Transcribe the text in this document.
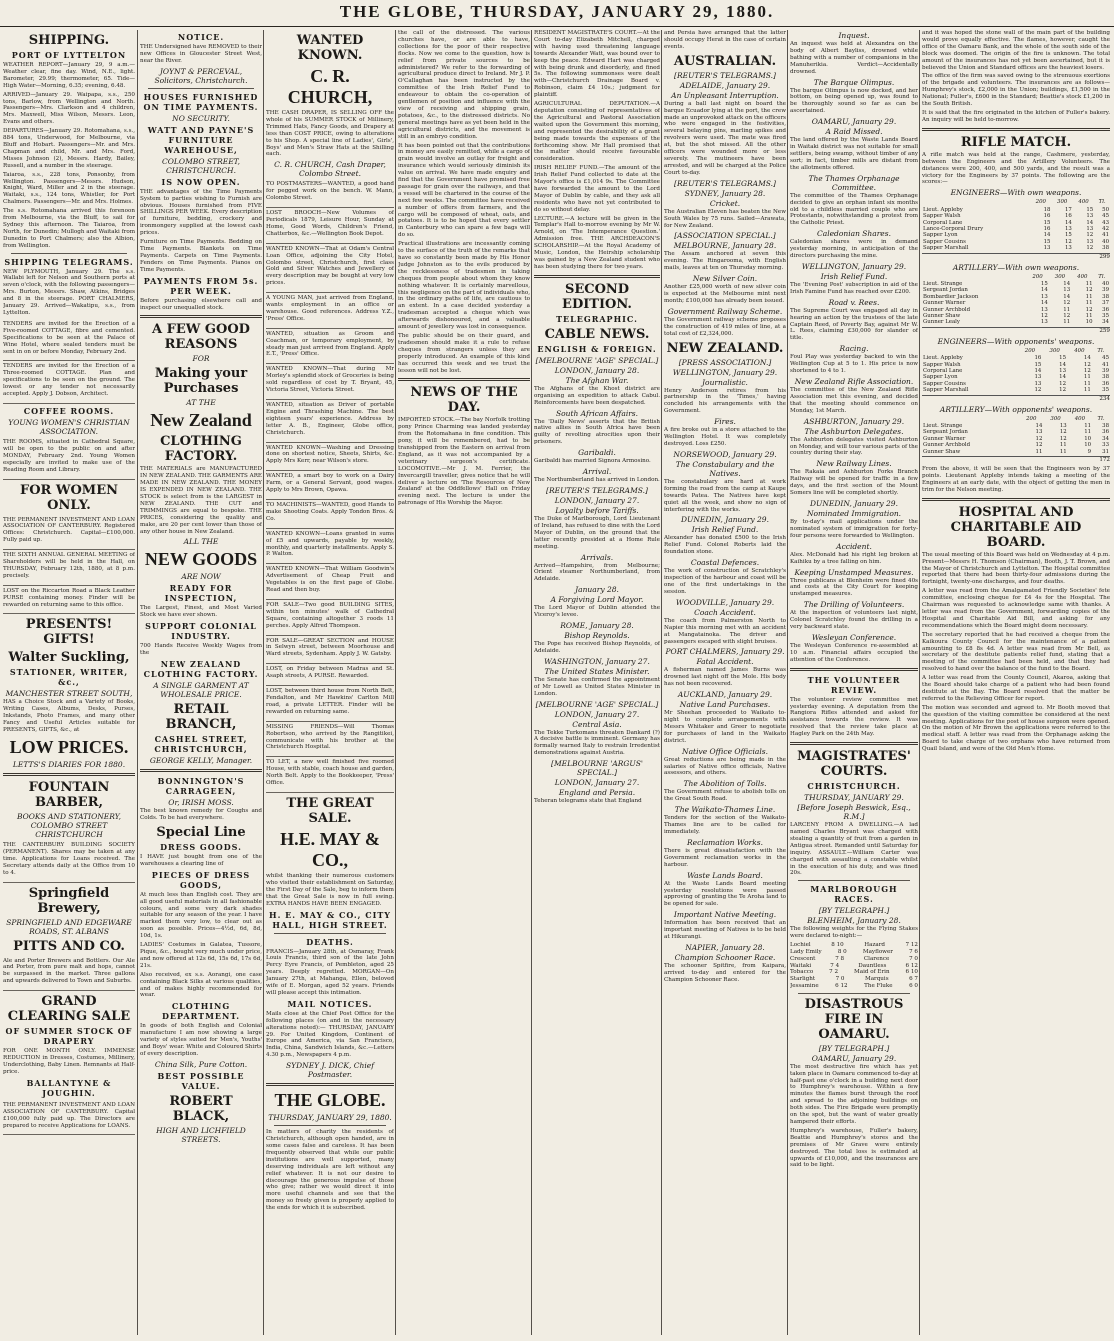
THE GLOBE, THURSDAY, JANUARY 29, 1880.
SHIPPING.
PORT OF LYTTELTON

WEATHER REPORT—January 29, 9 a.m.—Weather clear, fine day. Wind, N.E., light. Barometer, 29.99; thermometer, 65. Tide—High Water—Morning, 6.35; evening, 6.48.

ARRIVED—January 29. Waipapa, s.s., 250 tons, Barlow, from Wellington and North. Passengers—Mrs. Clarkson and 4 children, Mrs. Maxwell, Miss Wilson, Messrs. Leon, Evans and others.

DEPARTURES—January 29. Rotomahana, s.s., 884 tons, Underwood, for Melbourne, via Bluff and Hobart. Passengers—Mr. and Mrs. Chapman and child, Mr. and Mrs. Ford, Misses Johnson (2), Messrs. Hardy, Bailey, Russell, and a number in the steerage.

Taiaroa, s.s., 228 tons, Ponsonby, from Wellington. Passengers—Messrs. Hudson, Knight, Ward, Miller and 2 in the steerage. Waitaki, s.s., 124 tons, Whistler, for Port Chalmers. Passengers—Mr. and Mrs. Holmes.

The s.s. Rotomahana arrived this forenoon from Melbourne, via the Bluff, to sail for Sydney this afternoon. The Taiaroa, from North, for Dunedin; Mullogh and Waitaki from Dunedin to Port Chalmers; also the Albion, from Wellington.

SHIPPING TELEGRAMS.

NEW PLYMOUTH, January 29. The s.s. Wallabi left for Nelson and Southern ports at seven o'clock, with the following passengers—Mrs. Burton, Messrs. Shaw, Atkins, Bridges and 8 in the steerage. PORT CHALMERS, January 29. Arrived—Wakatipu, s.s., from Lyttelton.

TENDERS are invited for the Erection of a Five-roomed COTTAGE, fibre and cemented. Specifications to be seen at the Palace of Wine Hotel, where sealed tenders must be sent in on or before Monday, February 2nd.

TENDERS are invited for the Erection of a Three-roomed COTTAGE. Plan and specifications to be seen on the ground. The lowest or any tender not necessarily accepted. Apply J. Dobson, Architect.

COFFEE ROOMS.
YOUNG WOMEN'S CHRISTIAN ASSOCIATION.

THE ROOMS, situated in Cathedral Square, will be open to the public on and after MONDAY, February 2nd. Young Women especially are invited to make use of the Reading Room and Library.

FOR WOMEN ONLY.

THE PERMANENT INVESTMENT AND LOAN ASSOCIATION OF CANTERBURY. Registered Offices: Christchurch. Capital—£100,000. Fully paid up.

THE SIXTH ANNUAL GENERAL MEETING of Shareholders will be held in the Hall, on THURSDAY, February 12th, 1880, at 8 p.m. precisely.

LOST on the Riccarton Road a Black Leather PURSE containing money. Finder will be rewarded on returning same to this office.

PRESENTS! GIFTS!
Walter Suckling,
STATIONER, WRITER, &c.,
MANCHESTER STREET SOUTH,

HAS a Choice Stock and a Variety of Books, Writing Cases, Albums, Desks, Purses, Inkstands, Photo Frames, and many other Fancy and Useful Articles suitable for PRESENTS, GIFTS, &c., at

LOW PRICES.
LETTS'S DIARIES FOR 1880.
FOUNTAIN BARBER,
BOOKS AND STATIONERY, COLOMBO STREET CHRISTCHURCH

THE CANTERBURY BUILDING SOCIETY (PERMANENT). Shares may be taken at any time. Applications for Loans received. The Secretary attends daily at the Office from 10 to 4.

Springfield Brewery,
SPRINGFIELD AND EDGEWARE ROADS, ST. ALBANS
PITTS AND CO.

Ale and Porter Brewers and Bottlers. Our Ale and Porter, from pure malt and hops, cannot be surpassed in the market. Three gallons and upwards delivered to Town and Suburbs.

GRAND CLEARING SALE
OF SUMMER STOCK OF DRAPERY

FOR ONE MONTH ONLY. IMMENSE REDUCTION in Dresses, Costumes, Millinery, Underclothing, Baby Linen. Remnants at Half-price.

BALLANTYNE & JOUGHIN.

THE PERMANENT INVESTMENT AND LOAN ASSOCIATION OF CANTERBURY. Capital £100,000 fully paid up. The Directors are prepared to receive Applications for LOANS.

NOTICE.

THE Undersigned have REMOVED to their new Offices in Gloucester Street West, near the River.

JOYNT & PERCEVAL, Solicitors, Christchurch.
HOUSES FURNISHED ON TIME PAYMENTS.
NO SECURITY.
WATT AND PAYNE'S FURNITURE WAREHOUSE,
COLOMBO STREET, CHRISTCHURCH.
IS NOW OPEN.

THE advantages of the Time Payments System to parties wishing to Furnish are obvious. Houses furnished from FIVE SHILLINGS PER WEEK. Every description of furniture, bedding, crockery and ironmongery supplied at the lowest cash prices.

Furniture on Time Payments. Bedding on Time Payments. Blankets on Time Payments. Carpets on Time Payments. Fenders on Time Payments. Pianos on Time Payments.

PAYMENTS FROM 5s. PER WEEK.

Before purchasing elsewhere call and inspect our unequalled stock.

A FEW GOOD REASONS
FOR
Making your Purchases
AT THE
New Zealand
CLOTHING FACTORY.

THE MATERIALS are MANUFACTURED IN NEW ZEALAND. THE GARMENTS ARE MADE IN NEW ZEALAND. THE MONEY IS EXPENDED IN NEW ZEALAND. THE STOCK is select from is the LARGEST in NEW ZEALAND. THE CUT and TRIMMINGS are equal to bespoke. THE PRICES, considering the quality and make, are 20 per cent lower than those of any other house in New Zealand.

ALL THE
NEW GOODS
ARE NOW
READY FOR INSPECTION,

The Largest, Finest, and Most Varied Stock we have ever shown.

SUPPORT COLONIAL INDUSTRY.

700 Hands Receive Weekly Wages from the

NEW ZEALAND CLOTHING FACTORY.
A SINGLE GARMENT AT WHOLESALE PRICE.
RETAIL BRANCH,
CASHEL STREET, CHRISTCHURCH,
GEORGE KELLY, Manager.
BONNINGTON'S CARRAGEEN,
Or, IRISH MOSS.

The best known remedy for Coughs and Colds. To be had everywhere.

Special Line
DRESS GOODS.

I HAVE just bought from one of the warehouses a clearing line of

PIECES OF DRESS GOODS,

At much less than English cost. They are all good useful materials in all fashionable colours, and some very dark shades suitable for any season of the year. I have marked them very low, to clear out as soon as possible. Prices—4½d, 6d, 8d, 10d, 1s.

LADIES' Costumes in Galatea, Tussore, Pique, &c., bought very much under price, and now offered at 12s 6d, 15s 6d, 17s 6d, 21s.

Also received, ex s.s. Aorangi, one case containing Black Silks at various qualities, and of makes highly recommended for wear.

CLOTHING DEPARTMENT.

In goods of both English and Colonial manufacture I am now showing a large variety of styles suited for Men's, Youths' and Boys' wear. White and Coloured Shirts of every description.

China Silk, Pure Cotton.
BEST POSSIBLE VALUE.
ROBERT BLACK,
HIGH AND LICHFIELD STREETS.
WANTED KNOWN.
C. R. CHURCH,

THE CASH DRAPER, IS SELLING OFF the whole of his SUMMER STOCK of Millinery, Trimmed Hats, Fancy Goods, and Drapery at less than COST PRICE, owing to alterations to his Shop. A special line of Ladies', Girls', Boys' and Men's Straw Hats at the Shilling each.

C. R. CHURCH, Cash Draper, Colombo Street.

TO POSTMASTERS—WANTED, a good hand for pegged work on the bench. W. Mann, Colombo Street.

LOST BROOCH—New Volumes of Periodicals 1879, Leisure Hour, Sunday at Home, Good Words, Children's Friend, Chatterbox, &c.—Wellington Book Depot.

WANTED KNOWN—That at Odam's Central Loan Office, adjoining the City Hotel, Colombo street, Christchurch, first class Gold and Silver Watches and Jewellery of every description may be bought at very low prices.

A YOUNG MAN, just arrived from England, wants employment in an office or warehouse. Good references. Address Y.Z., 'Press' Office.

WANTED, situation as Groom and Coachman, or temporary employment, by steady man just arrived from England. Apply E.T., 'Press' Office.

WANTED KNOWN—That during Mr Morley's splendid stock of Groceries is being sold regardless of cost by T. Bryant, 45, Victoria Street, Victoria Street.

WANTED, situation as Driver of portable Engine and Thrashing Machine. The best eighteen years' experience. Address by letter A. B., Engineer, Globe office, Christchurch.

WANTED KNOWN—Washing and Dressing done on shortest notice, Sheets, Shirts, &c. Apply Mrs Kerr, near Wilson's store.

WANTED, a smart boy to work on a Dairy Farm, or a General Servant, good wages. Apply to Mrs Brown, Opawa.

TO MACHINISTS—WANTED, good Hands to make Shooting Coats. Apply Tondon Bros. & Co.

WANTED KNOWN—Loans granted in sums of £5 and upwards, payable by weekly, monthly, and quarterly installments. Apply S. P. Walton.

WANTED KNOWN—That William Goodwin's Advertisement of Cheap Fruit and Vegetables is on the first page of Globe. Read and then buy.

FOR SALE—Two good BUILDING SITES, within ten minutes' walk of Cathedral Square, containing altogether 3 roods 11 perches. Apply Alfred Thompson.

FOR SALE—GREAT SECTION and HOUSE in Selwyn street, between Moorhouse and Ward streets, Sydenham. Apply J. W. Gatsby.

LOST, on Friday between Madras and St. Asaph streets, A PURSE. Rewarded.

LOST, between third house from North Belt, Fendalton, and Mr Hawkins' Carlton Mill road, a private LETTER. Finder will be rewarded on returning same.

MISSING FRIENDS—Will Thomas Robertson, who arrived by the Rangitikei, communicate with his brother at the Christchurch Hospital.

TO LET, a new well finished five roomed House, with stable, coach house and garden, North Belt. Apply to the Bookkeeper, 'Press' Office.

THE GREAT SALE.
H.E. MAY & CO.,

whilst thanking their numerous customers who visited their establishment on Saturday, the First Day of the Sale, beg to inform them that the Great Sale is now in full swing. EXTRA HANDS HAVE BEEN ENGAGED.

H. E. MAY & CO., CITY HALL, HIGH STREET.
DEATHS.

FRANCIS—January 28th, at Osmaray, Frank Louis Francis, third son of the late John Percy Eyre Francis, of Pembleton, aged 25 years. Deeply regretted. MORGAN—On January 27th, at Mahanga, Ellen, beloved wife of E. Morgan, aged 52 years. Friends will please accept this intimation.

MAIL NOTICES.

Mails close at the Chief Post Office for the following places (on and in the necessary alterations noted):— THURSDAY, JANUARY 29. For United Kingdom, Continent of Europe and America, via San Francisco, India, China, Sandwich Islands, &c.—Letters 4.30 p.m., Newspapers 4 p.m.

SYDNEY J. DICK, Chief Postmaster.
THE GLOBE.
THURSDAY, JANUARY 29, 1880.

In matters of charity the residents of Christchurch, although open handed, are in some cases false and careless. It has been frequently observed that while our public institutions are well supported, many deserving individuals are left without any relief whatever. It is not our desire to discourage the generous impulse of those who give; rather we would direct it into more useful channels and see that the money so freely given is properly applied to the ends for which it is subscribed.

the call of the distressed. The various churches have, or are able to have, collections for the poor of their respective flocks. Now we come to the question, how is relief from private sources to be administered? We refer to the forwarding of agricultural produce direct to Ireland. Mr J. P. O'Callaghan has been instructed by the committee of the Irish Relief Fund to endeavour to obtain the co-operation of gentlemen of position and influence with the view of receiving and shipping grain, potatoes, &c., to the distressed districts. No general meetings have as yet been held in the agricultural districts, and the movement is still in an embryo condition.

It has been pointed out that the contributions in money are easily remitted, while a cargo of grain would involve an outlay for freight and insurance which would seriously diminish its value on arrival. We have made enquiry and find that the Government have promised free passage for grain over the railways, and that a vessel will be chartered in the course of the next few weeks. The committee have received a number of offers from farmers, and the cargo will be composed of wheat, oats, and potatoes. It is to be hoped that every settler in Canterbury who can spare a few bags will do so.

Practical illustrations are incessantly coming to the surface of the truth of the remarks that have so constantly been made by His Honor Judge Johnston as to the evils produced by the recklessness of tradesmen in taking cheques from people about whom they know nothing whatever. It is certainly marvellous, this negligence on the part of individuals who, in the ordinary paths of life, are cautious to an extent. In a case decided yesterday a tradesman accepted a cheque which was afterwards dishonoured, and a valuable amount of jewellery was lost in consequence.

The public should be on their guard, and tradesmen should make it a rule to refuse cheques from strangers unless they are properly introduced. An example of this kind has occurred this week and we trust the lesson will not be lost.

NEWS OF THE DAY.

IMPORTED STOCK.—The bay Norfolk trotting pony Prince Charming was landed yesterday from the Rotomahana in fine condition. This pony, it will be remembered, had to be transhipped from the Eastern on arrival from England, as it was not accompanied by a veterinary surgeon's certificate. LOCOMOTIVE.—Mr J. M. Ferrier, the Invercargill traveller, gives notice that he will deliver a lecture on 'The Resources of New Zealand' at the Oddfellows' Hall on Friday evening next. The lecture is under the patronage of His Worship the Mayor.

RESIDENT MAGISTRATE'S COURT.—At the Court to-day Elizabeth Mitchell, charged with having used threatening language towards Alexander Watt, was bound over to keep the peace. Edward Hart was charged with being drunk and disorderly, and fined 5s. The following summonses were dealt with—Christchurch Drainage Board v. Robinson, claim £4 10s.; judgment for plaintiff.

AGRICULTURAL DEPUTATION.—A deputation consisting of representatives of the Agricultural and Pastoral Association waited upon the Government this morning, and represented the desirability of a grant being made towards the expenses of the forthcoming show. Mr Hall promised that the matter should receive favourable consideration.

IRISH RELIEF FUND.—The amount of the Irish Relief Fund collected to date at the Mayor's office is £1,014 9s. The Committee have forwarded the amount to the Lord Mayor of Dublin by cable, and they ask all residents who have not yet contributed to do so without delay.

LECTURE.—A lecture will be given in the Templar's Hall to-morrow evening by Mr W. Arnold, on 'The Intemperance Question.' Admission free. THE ARCHDEACON'S SCHOLARSHIP.—At the Royal Academy of Music, London, the Heirship scholarship was gained by a New Zealand student who has been studying there for two years.

SECOND EDITION.
TELEGRAPHIC.
CABLE NEWS.
ENGLISH & FOREIGN.
[MELBOURNE 'AGE' SPECIAL.]
LONDON, January 28.
The Afghan War.

The Afghans of the Khost district are organising an expedition to attack Cabul. Reinforcements have been despatched.

South African Affairs.

The 'Daily News' asserts that the British native allies in South Africa have been guilty of revolting atrocities upon their prisoners.

Garibaldi.

Garibaldi has married Signora Armosino.

Arrival.

The Northumberland has arrived in London.

[REUTER'S TELEGRAMS.]
LONDON, January 27.
Loyalty before Tariffs.

The Duke of Marlborough, Lord Lieutenant of Ireland, has refused to dine with the Lord Mayor of Dublin, on the ground that the latter recently presided at a Home Rule meeting.

Arrivals.

Arrived—Hampshire, from Melbourne; Orient steamer Northumberland, from Adelaide.

January 28.
A Forgiving Lord Mayor.

The Lord Mayor of Dublin attended the Viceroy's levee.

ROME, January 28.
Bishop Reynolds.

The Pope has received Bishop Reynolds, of Adelaide.

WASHINGTON, January 27.
The United States Minister.

The Senate has confirmed the appointment of Mr Lowell as United States Minister in London.

[MELBOURNE 'AGE' SPECIAL.]
LONDON, January 27.
Central Asia.

The Tekke Turkomans threaten Dankard (?) A decisive battle is imminent. Germany has formally warned Italy to restrain Irredentist demonstrations against Austria.

[MELBOURNE 'ARGUS' SPECIAL.]
LONDON, January 27.
England and Persia.

Teheran telegrams state that England

and Persia have arranged that the latter should occupy Herat in the case of certain events.

AUSTRALIAN.
[REUTER'S TELEGRAMS.]
ADELAIDE, January 29.
An Unpleasant Interruption.

During a ball last night on board the barque Ecuador lying at the port, the crew made an unprovoked attack on the officers who were engaged in the festivities, several belaying pins, marling spikes and revolvers were used. The mate was fired at, but the shot missed. All the other officers were wounded more or less severely. The mutineers have been arrested, and will be charged at the Police Court to-day.

[REUTER'S TELEGRAMS.]
SYDNEY, January 28.
Cricket.

The Australian Eleven has beaten the New South Wales by 75 runs. Sailed—Arawata, for New Zealand.

[ASSOCIATION SPECIAL.]
MELBOURNE, January 28.

The Assam anchored at seven this evening. The Ringarooma, with English mails, leaves at ten on Thursday morning.

New Silver Coin.

Another £25,000 worth of new silver coin is expected at the Melbourne mint next month; £100,000 has already been issued.

Government Railway Scheme.

The Government railway scheme proposes the construction of 419 miles of line, at a total cost of £2,324,000.

NEW ZEALAND.
[PRESS ASSOCIATION.]
WELLINGTON, January 29.
Journalistic.

Henry Anderson retires from his partnership in the 'Times,' having concluded his arrangements with the Government.

Fires.

A fire broke out in a store attached to the Wellington Hotel. It was completely destroyed. Loss £250.

NORSEWOOD, January 29.
The Constabulary and the Natives.

The constabulary are hard at work forming the road from the camp at Kaupe towards Patea. The Natives have kept quiet all the week, and show no sign of interfering with the works.

DUNEDIN, January 29.
Irish Relief Fund.

Alexander has donated £500 to the Irish Relief Fund. Colonel Roberts laid the foundation stone.

Coastal Defences.

The work of construction of Scratchley's inspection of the harbour and coast will be one of the first undertakings in the session.

WOODVILLE, January 29.
Coach Accident.

The coach from Palmerston North to Napier this morning met with an accident at Mangatainoka. The driver and passengers escaped with slight bruises.

PORT CHALMERS, January 29.
Fatal Accident.

A fisherman named James Burns was drowned last night off the Mole. His body has not been recovered.

AUCKLAND, January 29.
Native Land Purchases.

Mr Sheehan proceeded to Waikato to-night to complete arrangements with Messrs Whitaker and Greer to negotiate for purchases of land in the Waikato district.

Native Office Officials.

Great reductions are being made in the salaries of Native office officials, Native assessors, and others.

The Abolition of Tolls.

The Government refuse to abolish tolls on the Great South Road.

The Waikato-Thames Line.

Tenders for the section of the Waikato-Thames line are to be called for immediately.

Reclamation Works.

There is great dissatisfaction with the Government reclamation works in the harbour.

Waste Lands Board.

At the Waste Lands Board meeting yesterday resolutions were passed approving of granting the Te Aroha land to be opened for sale.

Important Native Meeting.

Information has been received that an important meeting of Natives is to be held at Hikurangi.

NAPIER, January 28.
Champion Schooner Race.

The schooner Spitfire, from Kaipara, arrived to-day and entered for the Champion Schooner Race.

Inquest.

An inquest was held at Alexandra on the body of Albert Bayliss, drowned while bathing with a number of companions in the Manuherikia. Verdict—Accidentally drowned.

The Barque Olimpus.

The barque Olimpus is now docked, and her bottom, on being opened up, was found to be thoroughly sound so far as can be ascertained.

OAMARU, January 29.
A Raid Missed.

The land offered by the Waste Lands Board in Waitaki district was not suitable for small settlers, being swamp, without timber of any sort; in fact, timber mills are distant from the allotments offered.

The Thames Orphanage Committee.

The committee of the Thames Orphanage decided to give an orphan infant six months old to a childless married couple who are Protestants, notwithstanding a protest from the Catholic Priest.

Caledonian Shares.

Caledonian shares were in demand yesterday morning, in anticipation of the directors purchasing the mine.

WELLINGTON, January 29.
Irish Relief Fund.

The 'Evening Post' subscription in aid of the Irish Famine Fund has reached over £200.

Road v. Rees.

The Supreme Court was engaged all day in hearing an action by the trustees of the late Captain Reed, of Poverty Bay, against Mr W. L. Rees, claiming £30,000 for slander of title.

Racing.

Foul Play was yesterday backed to win the Wellington Cup at 5 to 1. His price is now shortened to 4 to 1.

New Zealand Rifle Association.

The committee of the New Zealand Rifle Association met this evening, and decided that the meeting should commence on Monday, 1st March.

ASHBURTON, January 29.
The Ashburton Delegates.

The Ashburton delegates visited Ashburton on Monday, and will tour various parts of the country during their stay.

New Railway Lines.

The Rakaia and Ashburton Forks Branch Railway will be opened for traffic in a few days, and the first section of the Mount Somers line will be completed shortly.

DUNEDIN, January 29.
Nominated Immigration.

By to-day's mail applications under the nominated system of immigration for forty-four persons were forwarded to Wellington.

Accident.

Alex. McDonald had his right leg broken at Kaihiku by a tree falling on him.

Keeping Unstamped Measures.

Three publicans at Blenheim were fined 40s and costs at the City Court for keeping unstamped measures.

The Drilling of Volunteers.

At the inspection of volunteers last night, Colonel Scratchley found the drilling in a very backward state.

Wesleyan Conference.

The Wesleyan Conference re-assembled at 10 a.m. Financial affairs occupied the attention of the Conference.

THE VOLUNTEER REVIEW.

The volunteer review committee met yesterday evening. A deputation from the Rangiora Rifles attended and asked for assistance towards the review. It was resolved that the review take place at Hagley Park on the 24th May.

MAGISTRATES' COURTS.
CHRISTCHURCH.
THURSDAY, JANUARY 29.
[Before Joseph Beswick, Esq., R.M.]

LARCENY FROM A DWELLING.—A lad named Charles Bryant was charged with stealing a quantity of fruit from a garden in Antigua street. Remanded until Saturday for inquiry. ASSAULT.—William Carter was charged with assaulting a constable whilst in the execution of his duty, and was fined 20s.

MARLBOROUGH RACES.
[BY TELEGRAPH.]
BLENHEIM, January 28.

The following weights for the Flying Stakes were declared to-night:—

Lochiel	8 10	Hazard	7 12
Lady Emily	8 0	Mayflower	7 6
Crescent	7 8	Clarence	7 0
Waitaki	7 4	Dauntless	6 12
Tobacco	7 2	Maid of Erin	6 10
Starlight	7 0	Marquis	6 7
Jessamine	6 12	The Fluke	6 0
DISASTROUS FIRE IN OAMARU.
[BY TELEGRAPH.]
OAMARU, January 29.

The most destructive fire which has yet taken place in Oamaru commenced to-day at half-past one o'clock in a building next door to Humphrey's warehouse. Within a few minutes the flames burst through the roof and spread to the adjoining buildings on both sides. The Fire Brigade were promptly on the spot, but the want of water greatly hampered their efforts.

Humphrey's warehouse, Fuller's bakery, Beattie and Humphrey's stores and the premises of Mr Grave were entirely destroyed. The total loss is estimated at upwards of £10,000, and the insurances are said to be light.

and it was hoped the stone wall of the main part of the building would prove equally effective. The flames, however, caught the office of the Oamaru Bank, and the whole of the south side of the block was doomed. The origin of the fire is unknown. The total amount of the insurances has not yet been ascertained, but it is believed the Union and Standard offices are the heaviest losers.

The office of the firm was saved owing to the strenuous exertions of the brigade and volunteers. The insurances are as follows—Humphrey's stock, £2,000 in the Union; buildings, £1,500 in the National; Fuller's, £600 in the Standard; Beattie's stock £1,200 in the South British.

It is said that the fire originated in the kitchen of Fuller's bakery. An inquiry will be held to-morrow.

RIFLE MATCH.

A rifle match was held at the range, Cashmere, yesterday, between the Engineers and the Artillery Volunteers. The distances were 200, 400, and 500 yards, and the result was a victory for the Engineers by 37 points. The following are the scores:—

ENGINEERS—With own weapons.
	200	300	400	Tl.
Lieut. Appleby	18	17	15	50
Sapper Walsh	16	16	13	45
Corporal Lane	15	14	14	43
Lance-Corporal Drury	16	13	13	42
Sapper Lyon	14	15	12	41
Sapper Cousins	15	12	13	40
Sapper Marshall	13	13	12	38
299
ARTILLERY—With own weapons.
	200	300	400	Tl.
Lieut. Strange	15	14	11	40
Sergeant Jordan	14	13	12	39
Bombardier Jackson	13	14	11	38
Gunner Warner	14	12	11	37
Gunner Archbold	13	11	12	36
Gunner Shaw	12	12	11	35
Gunner Lealy	13	11	10	34
259
ENGINEERS—With opponents' weapons.
	200	300	400	Tl.
Lieut. Appleby	16	15	14	45
Sapper Walsh	15	14	12	41
Corporal Lane	14	13	12	39
Sapper Lyon	13	14	11	38
Sapper Cousins	13	12	11	36
Sapper Marshall	12	12	11	35
234
ARTILLERY—With opponents' weapons.
	200	300	400	Tl.
Lieut. Strange	14	13	11	38
Sergeant Jordan	13	12	11	36
Gunner Warner	12	12	10	34
Gunner Archbold	12	11	10	33
Gunner Shaw	11	11	9	31
172

From the above, it will be seen that the Engineers won by 37 points. Lieutenant Appleby intends taking a meeting of the Engineers at an early date, with the object of getting the men in trim for the Nelson meeting.

HOSPITAL AND CHARITABLE AID BOARD.

The usual meeting of this Board was held on Wednesday at 4 p.m. Present—Messrs H. Thomson (Chairman), Booth, J. T. Brown, and the Mayor of Christchurch and Lyttelton. The Hospital committee reported that there had been thirty-four admissions during the fortnight, twenty-one discharges, and four deaths.

A letter was read from the Amalgamated Friendly Societies' fete committee, enclosing cheque for £4 4s for the Hospital. The Chairman was requested to acknowledge same with thanks. A letter was read from the Government, forwarding copies of the Hospital and Charitable Aid Bill, and asking for any recommendations which the Board might deem necessary.

The secretary reported that he had received a cheque from the Kaikoura County Council for the maintenance of a patient amounting to £8 8s 4d. A letter was read from Mr Bell, as secretary of the destitute patients relief fund, stating that a meeting of the committee had been held, and that they had resolved to hand over the balance of the fund to the Board.

A letter was read from the County Council, Akaroa, asking that the Board should take charge of a patient who had been found destitute at the Bay. The Board resolved that the matter be referred to the Relieving Officer for report.

The motion was seconded and agreed to. Mr Booth moved that the question of the visiting committee be considered at the next meeting. Applications for the post of house surgeon were opened. On the motion of Mr Brown the applications were referred to the medical staff. A letter was read from the Orphanage asking the Board to take charge of two orphans who have returned from Quail Island, and were of the Old Men's Home.
